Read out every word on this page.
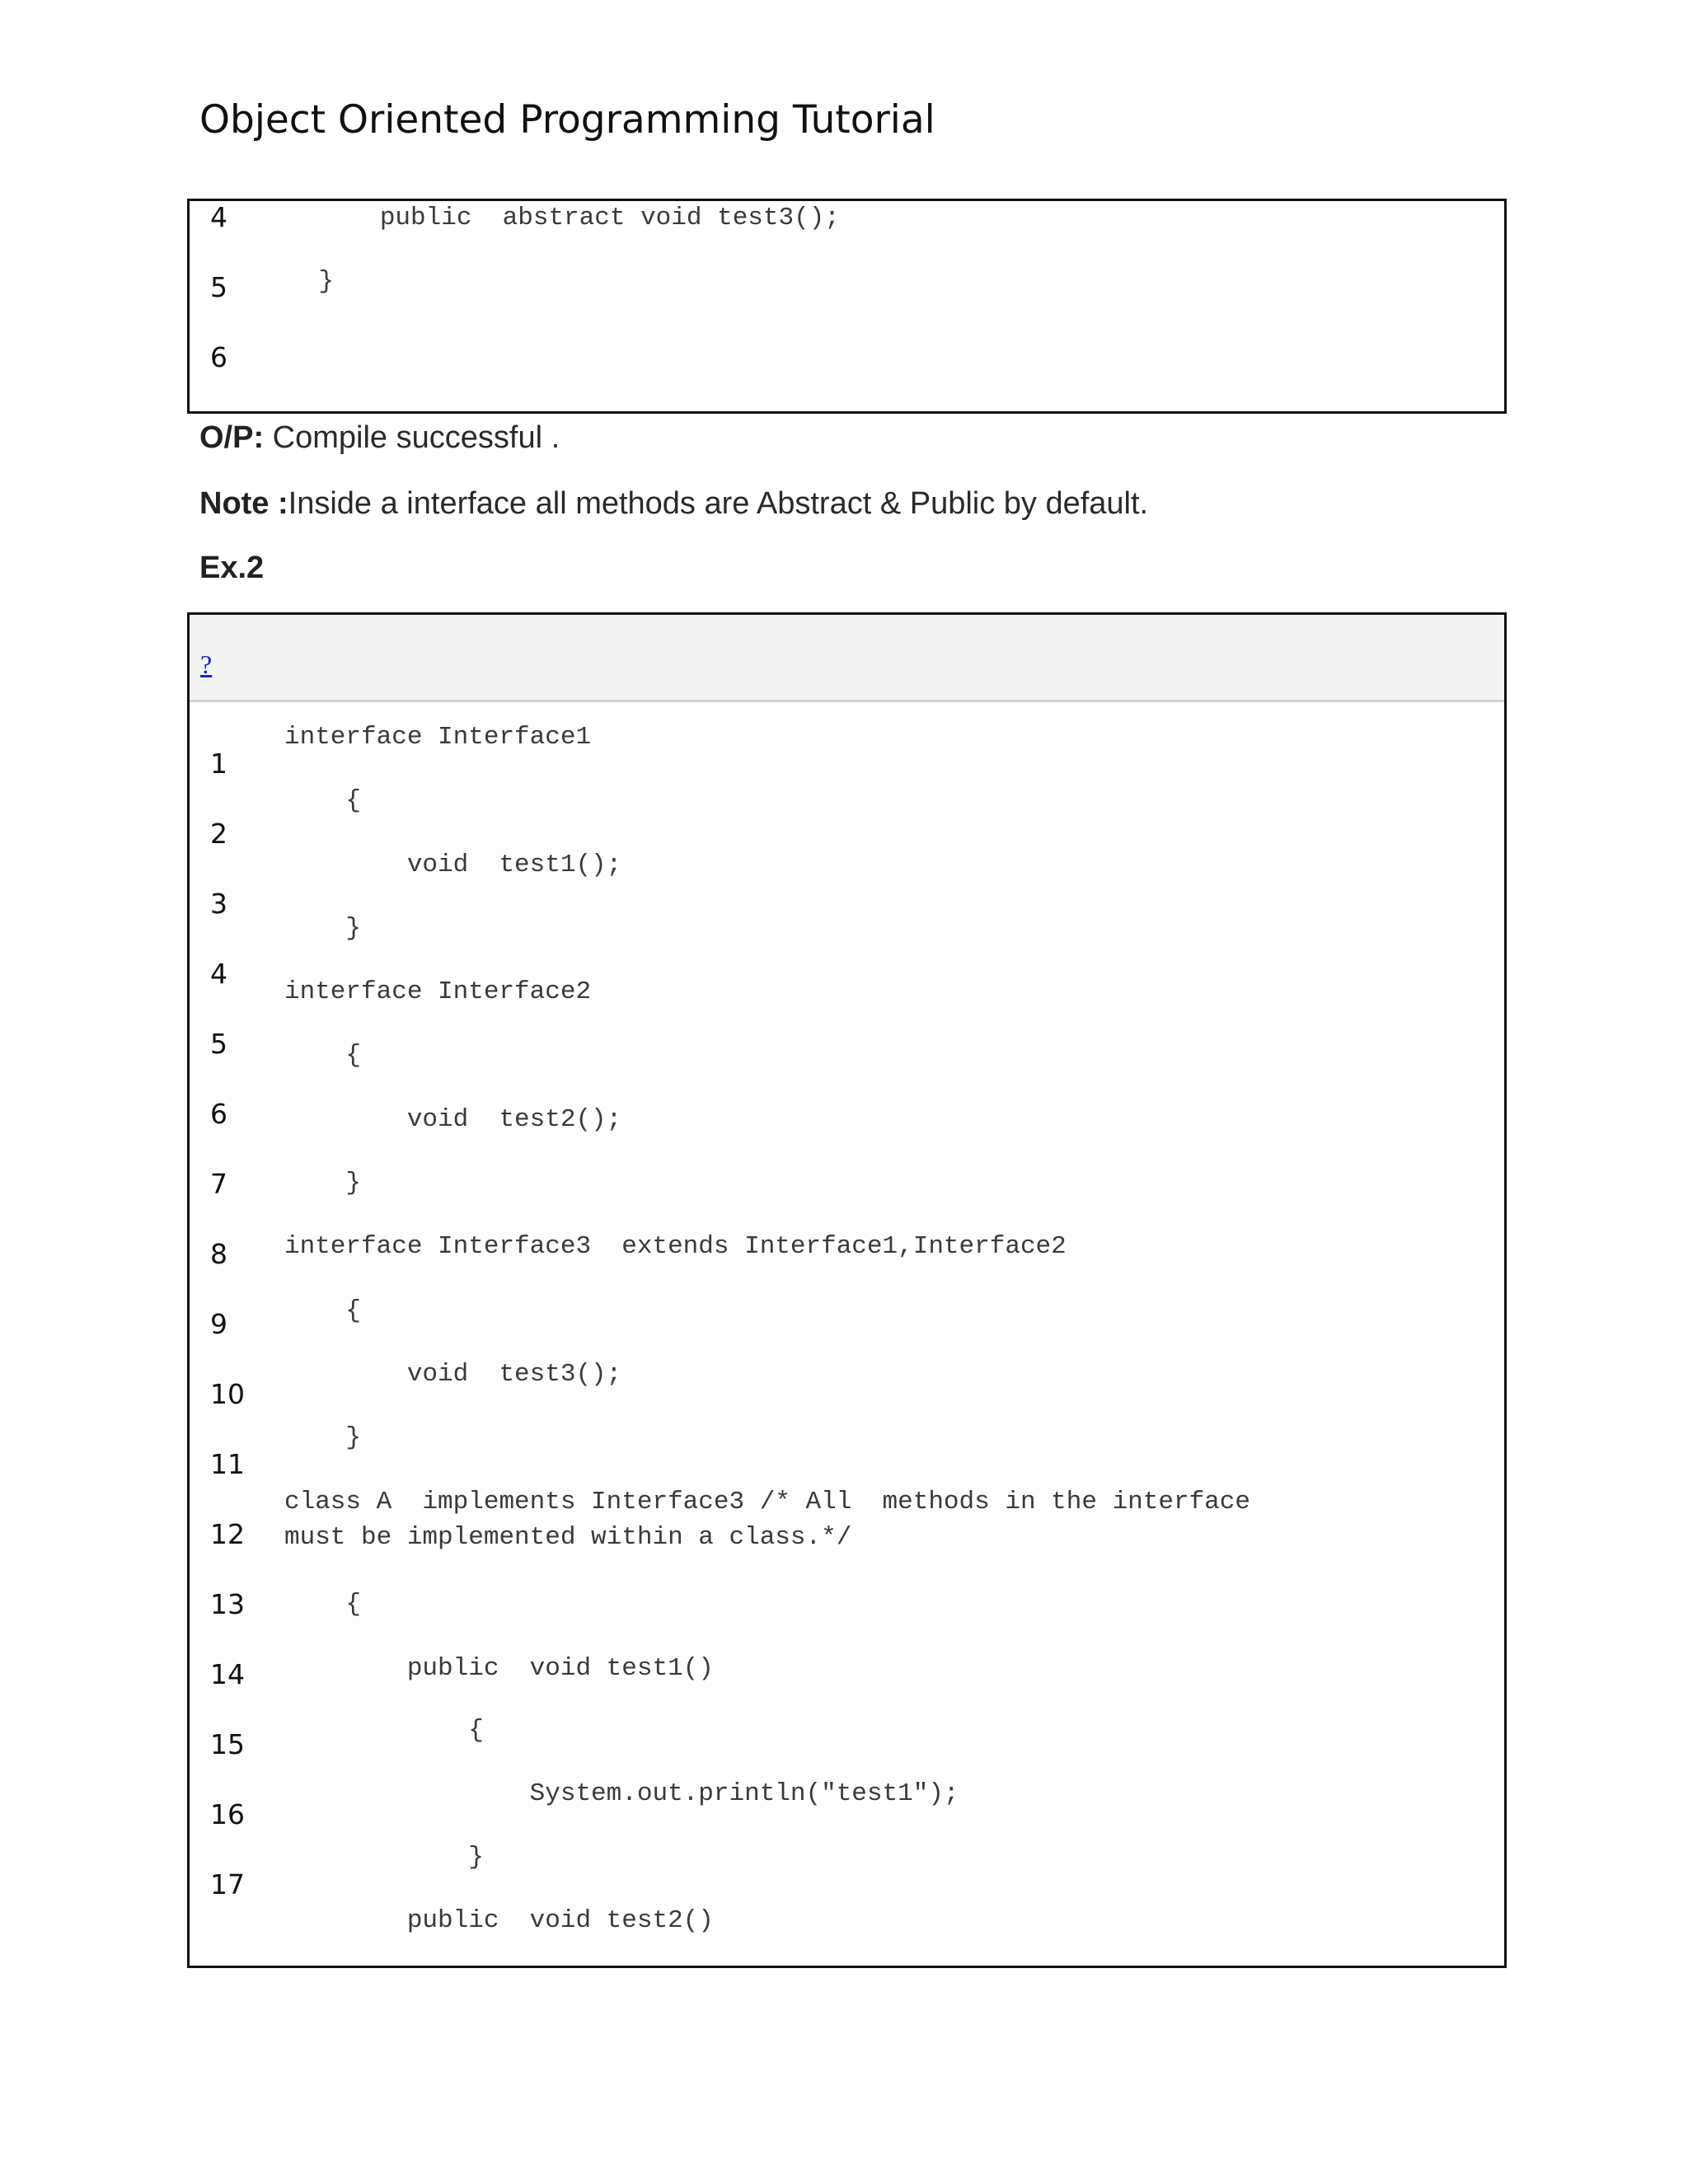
Object Oriented Programming Tutorial
4
5
6
public  abstract void test3();
}
O/P: Compile successful .
Note :Inside a interface all methods are Abstract & Public by default.
Ex.2
?
1
2
3
4
5
6
7
8
9
10
11
12
13
14
15
16
17
interface Interface1
{
void  test1();
}
interface Interface2
{
void  test2();
}
interface Interface3  extends Interface1,Interface2
{
void  test3();
}
class A  implements Interface3 /* All  methods in the interface
must be implemented within a class.*/
{
public  void test1()
{
System.out.println("test1");
}
public  void test2()
